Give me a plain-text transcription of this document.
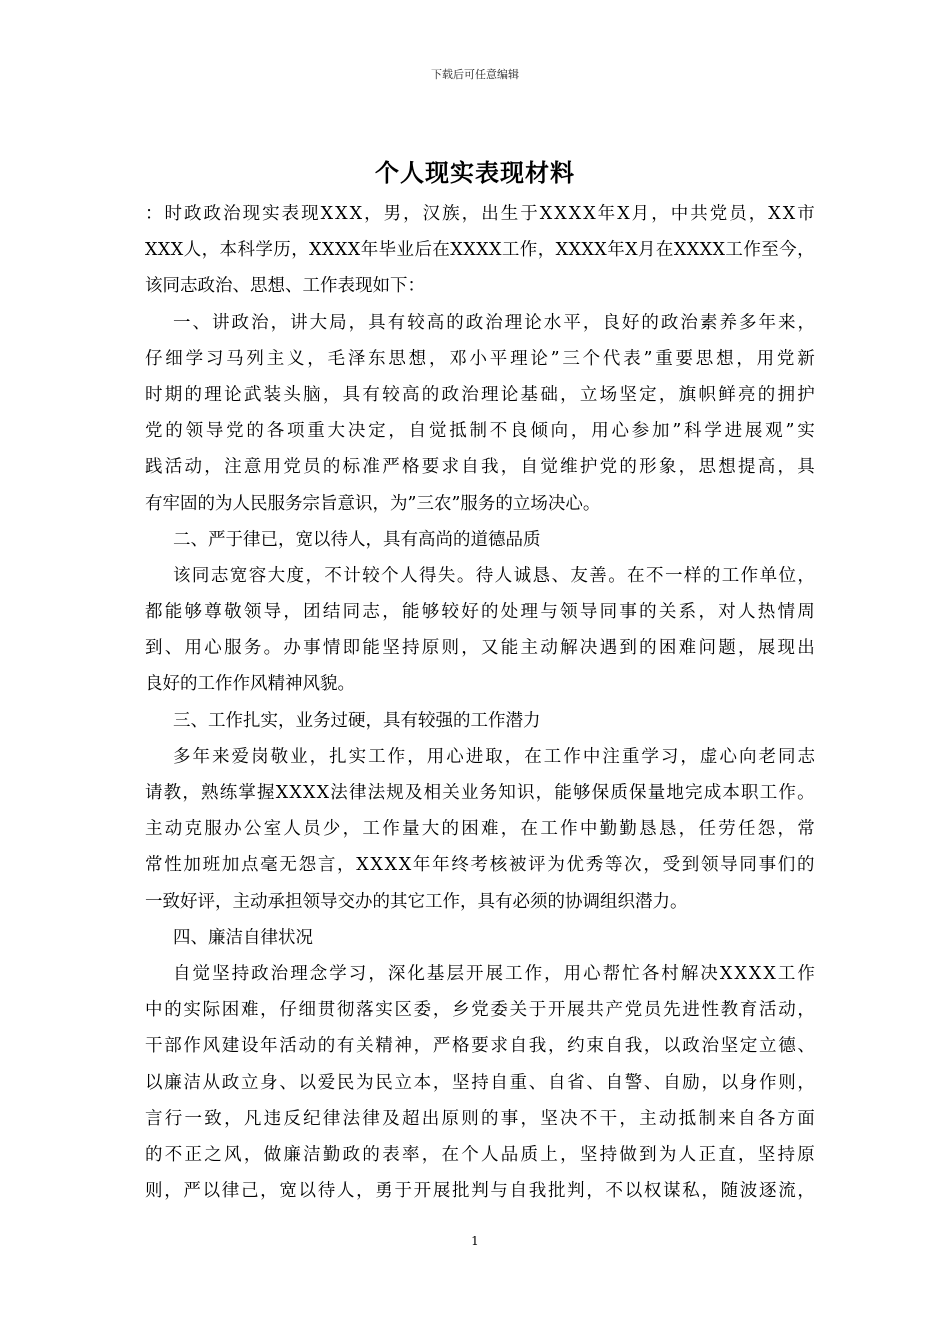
下载后可任意编辑
个人现实表现材料
： 时 政 政 治 现 实 表 现 X X X ， 男 ， 汉 族 ， 出 生 于 X X X X 年 X 月 ， 中 共 党 员 ， X X 市
X X X 人 ， 本 科 学 历 ， X X X X 年 毕 业 后 在 X X X X 工 作 ， X X X X 年 X 月 在 X X X X 工 作 至 今 ，
该同志政治、思想、工作表现如下：
一 、 讲 政 治 ， 讲 大 局 ， 具 有 较 高 的 政 治 理 论 水 平 ， 良 好 的 政 治 素 养 多 年 来 ，
仔 细 学 习 马 列 主 义 ， 毛 泽 东 思 想 ， 邓 小 平 理 论 ” 三 个 代 表 ” 重 要 思 想 ， 用 党 新
时 期 的 理 论 武 装 头 脑 ， 具 有 较 高 的 政 治 理 论 基 础 ， 立 场 坚 定 ， 旗 帜 鲜 亮 的 拥 护
党 的 领 导 党 的 各 项 重 大 决 定 ， 自 觉 抵 制 不 良 倾 向 ， 用 心 参 加 ” 科 学 进 展 观 ” 实
践 活 动 ， 注 意 用 党 员 的 标 准 严 格 要 求 自 我 ， 自 觉 维 护 党 的 形 象 ， 思 想 提 高 ， 具
有牢固的为人民服务宗旨意识，为”三农”服务的立场决心。
二、严于律已，宽以待人，具有高尚的道德品质
该 同 志 宽 容 大 度 ， 不 计 较 个 人 得 失 。 待 人 诚 恳 、 友 善 。 在 不 一 样 的 工 作 单 位 ，
都 能 够 尊 敬 领 导 ， 团 结 同 志 ， 能 够 较 好 的 处 理 与 领 导 同 事 的 关 系 ， 对 人 热 情 周
到 、 用 心 服 务 。 办 事 情 即 能 坚 持 原 则 ， 又 能 主 动 解 决 遇 到 的 困 难 问 题 ， 展 现 出
良好的工作作风精神风貌。
三、工作扎实，业务过硬，具有较强的工作潜力
多 年 来 爱 岗 敬 业 ， 扎 实 工 作 ， 用 心 进 取 ， 在 工 作 中 注 重 学 习 ， 虚 心 向 老 同 志
请 教 ， 熟 练 掌 握 X X X X 法 律 法 规 及 相 关 业 务 知 识 ， 能 够 保 质 保 量 地 完 成 本 职 工 作 。
主 动 克 服 办 公 室 人 员 少 ， 工 作 量 大 的 困 难 ， 在 工 作 中 勤 勤 恳 恳 ， 任 劳 任 怨 ， 常
常 性 加 班 加 点 毫 无 怨 言 ， X X X X 年 年 终 考 核 被 评 为 优 秀 等 次 ， 受 到 领 导 同 事 们 的
一致好评，主动承担领导交办的其它工作，具有必须的协调组织潜力。
四、廉洁自律状况
自 觉 坚 持 政 治 理 念 学 习 ， 深 化 基 层 开 展 工 作 ， 用 心 帮 忙 各 村 解 决 X X X X 工 作
中 的 实 际 困 难 ， 仔 细 贯 彻 落 实 区 委 ， 乡 党 委 关 于 开 展 共 产 党 员 先 进 性 教 育 活 动 ，
干 部 作 风 建 设 年 活 动 的 有 关 精 神 ， 严 格 要 求 自 我 ， 约 束 自 我 ， 以 政 治 坚 定 立 德 、
以 廉 洁 从 政 立 身 、 以 爱 民 为 民 立 本 ， 坚 持 自 重 、 自 省 、 自 警 、 自 励 ， 以 身 作 则 ，
言 行 一 致 ， 凡 违 反 纪 律 法 律 及 超 出 原 则 的 事 ， 坚 决 不 干 ， 主 动 抵 制 来 自 各 方 面
的 不 正 之 风 ， 做 廉 洁 勤 政 的 表 率 ， 在 个 人 品 质 上 ， 坚 持 做 到 为 人 正 直 ， 坚 持 原
则 ， 严 以 律 己 ， 宽 以 待 人 ， 勇 于 开 展 批 判 与 自 我 批 判 ， 不 以 权 谋 私 ， 随 波 逐 流 ，
1
